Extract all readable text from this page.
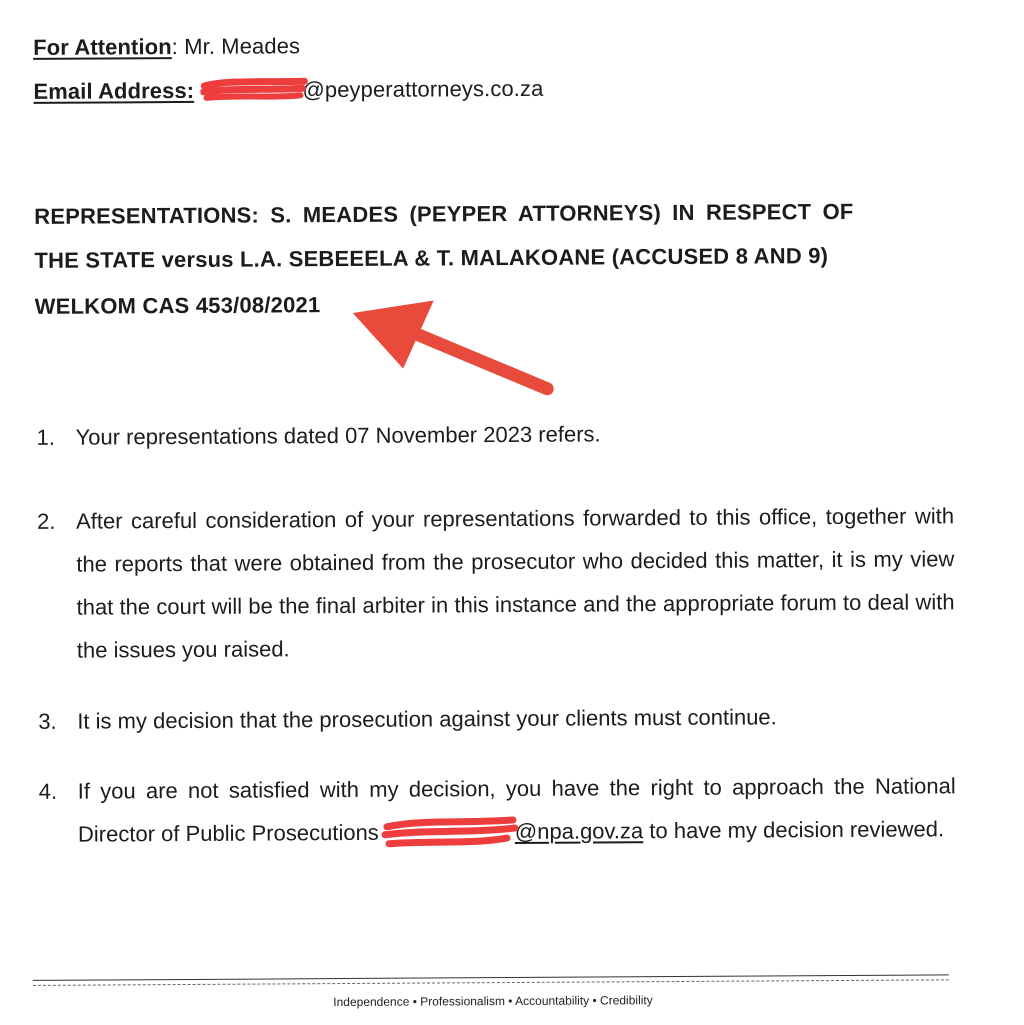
For Attention: Mr. Meades
Email Address:	@peyperattorneys.co.za
REPRESENTATIONS: S. MEADES (PEYPER ATTORNEYS) IN RESPECT OF
THE STATE versus L.A. SEBEEELA & T. MALAKOANE (ACCUSED 8 AND 9)
WELKOM CAS 453/08/2021
1. Your representations dated 07 November 2023 refers.
2. After careful consideration of your representations forwarded to this office, together with the reports that were obtained from the prosecutor who decided this matter, it is my view that the court will be the final arbiter in this instance and the appropriate forum to deal with the issues you raised.
3. It is my decision that the prosecution against your clients must continue.
4. If you are not satisfied with my decision, you have the right to approach the National Director of Public Prosecutions	@npa.gov.za to have my decision reviewed.
Independence • Professionalism • Accountability • Credibility
